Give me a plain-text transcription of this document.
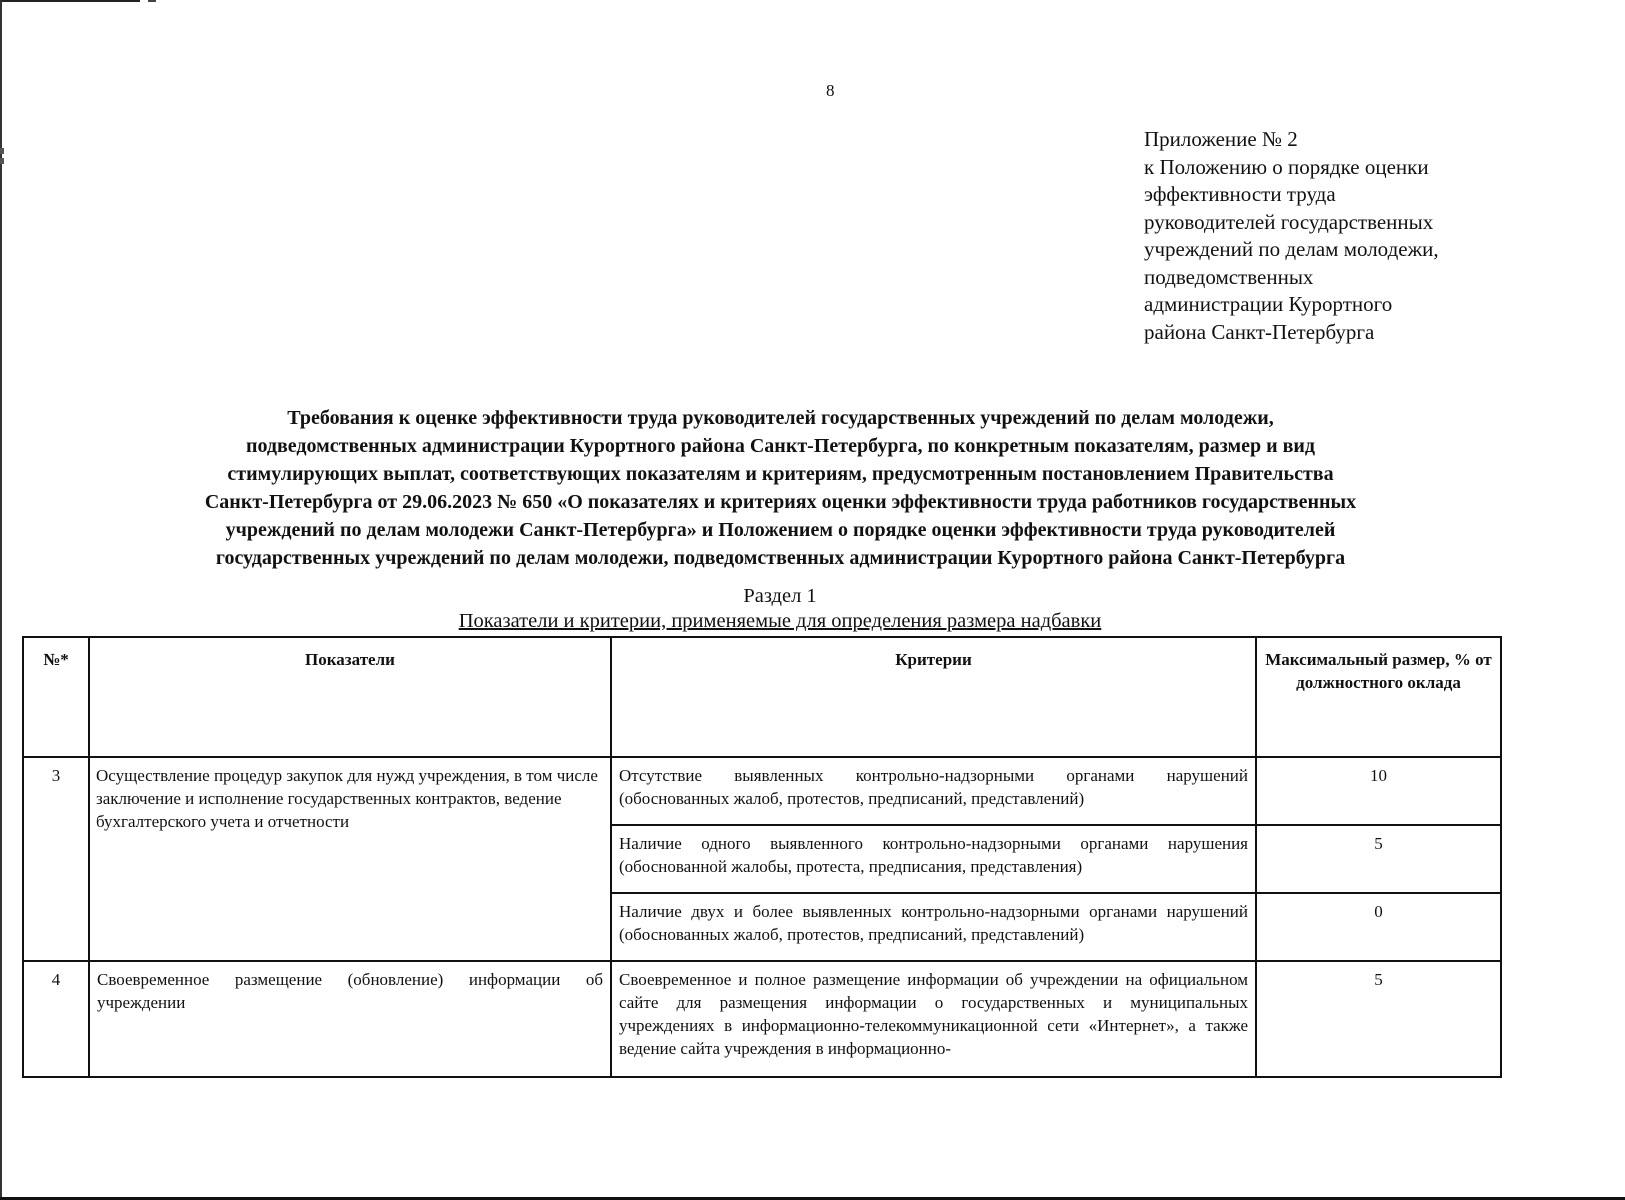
8
Приложение № 2
к Положению о порядке оценки
эффективности труда
руководителей государственных
учреждений по делам молодежи,
подведомственных
администрации Курортного
района Санкт-Петербурга
Требования к оценке эффективности труда руководителей государственных учреждений по делам молодежи,
подведомственных администрации Курортного района Санкт-Петербурга, по конкретным показателям, размер и вид
стимулирующих выплат, соответствующих показателям и критериям, предусмотренным постановлением Правительства
Санкт-Петербурга от 29.06.2023 № 650 «О показателях и критериях оценки эффективности труда работников государственных
учреждений по делам молодежи Санкт-Петербурга» и Положением о порядке оценки эффективности труда руководителей
государственных учреждений по делам молодежи, подведомственных администрации Курортного района Санкт-Петербурга
Раздел 1
Показатели и критерии, применяемые для определения размера надбавки
№*	Показатели	Критерии	Максимальный размер, % от должностного оклада
3	Осуществление процедур закупок для нужд учреждения, в том числе заключение и исполнение государственных контрактов, ведение бухгалтерского учета и отчетности	Отсутствие выявленных контрольно-надзорными органами нарушений (обоснованных жалоб, протестов, предписаний, представлений)	10
		Наличие одного выявленного контрольно-надзорными органами нарушения (обоснованной жалобы, протеста, предписания, представления)	5
		Наличие двух и более выявленных контрольно-надзорными органами нарушений (обоснованных жалоб, протестов, предписаний, представлений)	0
4	Своевременное размещение (обновление) информации об учреждении	Своевременное и полное размещение информации об учреждении на официальном сайте для размещения информации о государственных и муниципальных учреждениях в информационно-телекоммуникационной сети «Интернет», а также ведение сайта учреждения в информационно-	5
